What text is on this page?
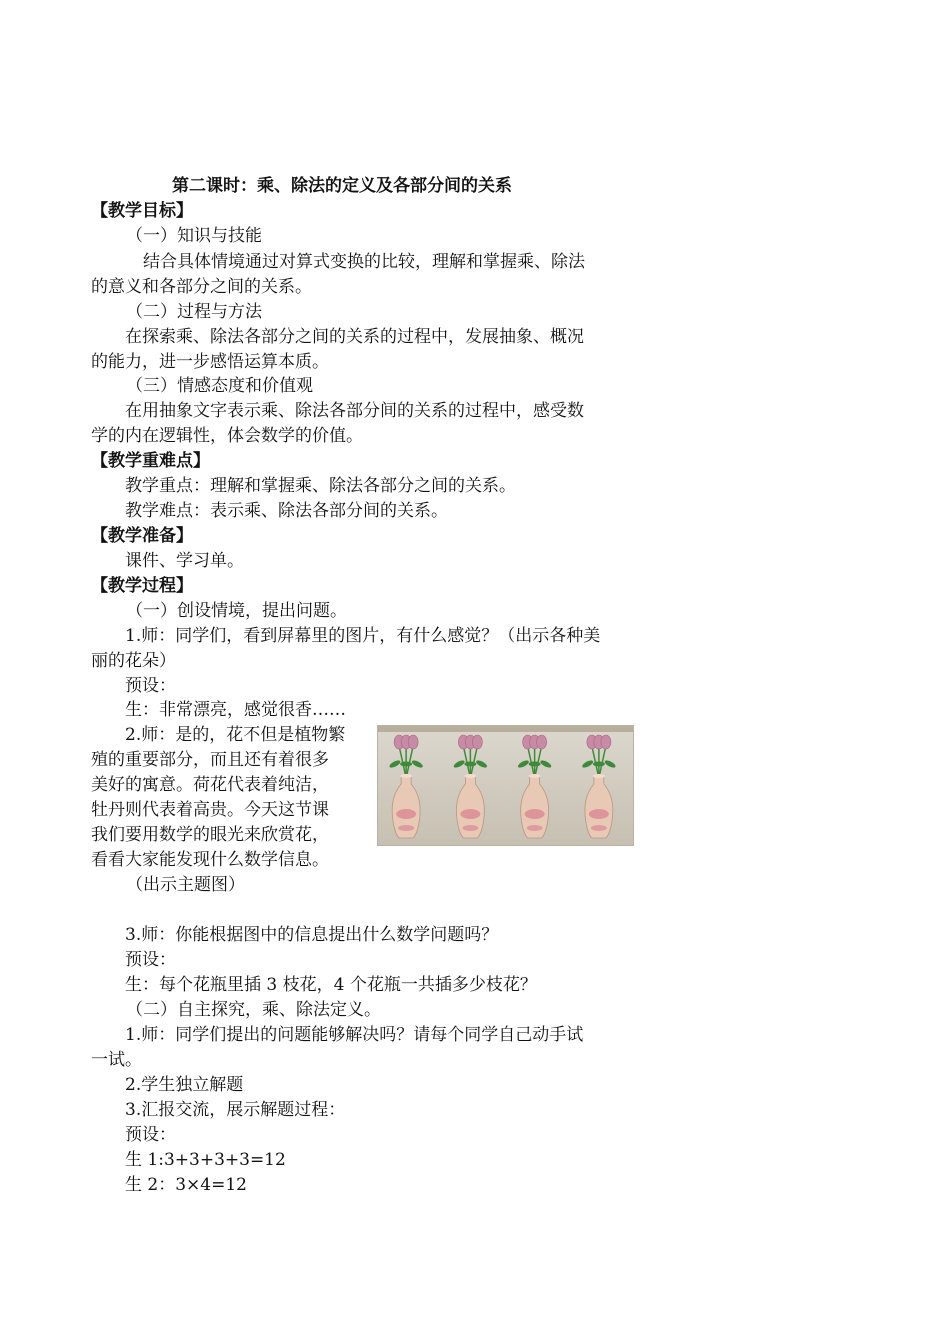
第二课时：乘、除法的定义及各部分间的关系
【教学目标】
（一）知识与技能
结合具体情境通过对算式变换的比较，理解和掌握乘、除法
的意义和各部分之间的关系。
（二）过程与方法
在探索乘、除法各部分之间的关系的过程中，发展抽象、概况
的能力，进一步感悟运算本质。
（三）情感态度和价值观
在用抽象文字表示乘、除法各部分间的关系的过程中，感受数
学的内在逻辑性，体会数学的价值。
【教学重难点】
教学重点：理解和掌握乘、除法各部分之间的关系。
教学难点：表示乘、除法各部分间的关系。
【教学准备】
课件、学习单。
【教学过程】
（一）创设情境，提出问题。
1.师：同学们，看到屏幕里的图片，有什么感觉？（出示各种美
丽的花朵）
预设：
生：非常漂亮，感觉很香……
2.师：是的，花不但是植物繁
殖的重要部分，而且还有着很多
美好的寓意。荷花代表着纯洁，
牡丹则代表着高贵。今天这节课
我们要用数学的眼光来欣赏花，
看看大家能发现什么数学信息。
（出示主题图）
3.师：你能根据图中的信息提出什么数学问题吗？
预设：
生：每个花瓶里插 3 枝花，4 个花瓶一共插多少枝花？
（二）自主探究，乘、除法定义。
1.师：同学们提出的问题能够解决吗？请每个同学自己动手试
一试。
2.学生独立解题
3.汇报交流，展示解题过程：
预设：
生 1:3+3+3+3=12
生 2：3×4=12
